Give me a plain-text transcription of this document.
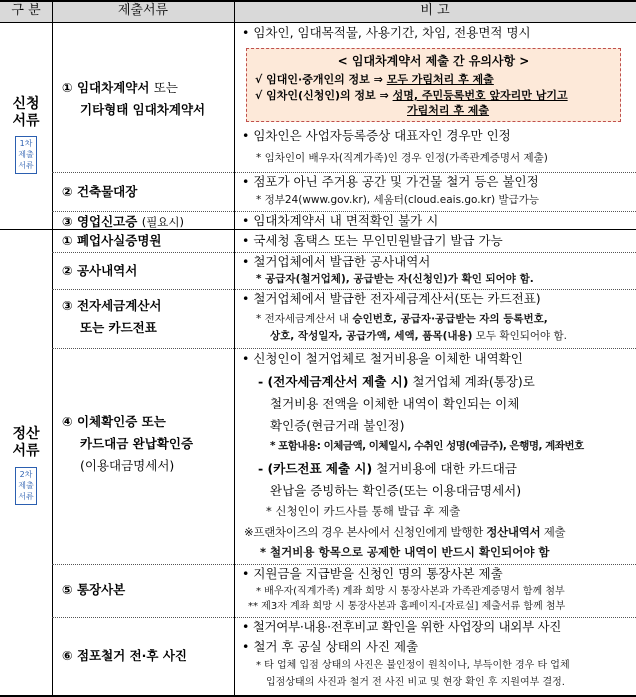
구 분	제출서류	비 고
신청
서류
1차
제출
서류
정산
서류
2차
제출
서류
① 임대차계약서 또는
기타형태 임대차계약서
② 건축물대장
③ 영업신고증 (필요시)
① 폐업사실증명원
② 공사내역서
③ 전자세금계산서
또는 카드전표
④ 이체확인증 또는
카드대금 완납확인증
(이용대금명세서)
⑤ 통장사본
⑥ 점포철거 전·후 사진
• 임차인, 임대목적물, 사용기간, 차임, 전용면적 명시
< 임대차계약서 제출 간 유의사항 >
√ 임대인·중개인의 정보 ⇒ 모두 가림처리 후 제출
√ 임차인(신청인)의 정보 ⇒ 성명, 주민등록번호 앞자리만 남기고
가림처리 후 제출
• 임차인은 사업자등록증상 대표자인 경우만 인정
* 임차인이 배우자(직계가족)인 경우 인정(가족관계증명서 제출)
• 점포가 아닌 주거용 공간 및 가건물 철거 등은 불인정
* 정부24(www.gov.kr), 세움터(cloud.eais.go.kr) 발급가능
• 임대차계약서 내 면적확인 불가 시
• 국세청 홈택스 또는 무인민원발급기 발급 가능
• 철거업체에서 발급한 공사내역서
* 공급자(철거업체), 공급받는 자(신청인)가 확인 되어야 함.
• 철거업체에서 발급한 전자세금계산서(또는 카드전표)
* 전자세금계산서 내 승인번호, 공급자·공급받는 자의 등록번호,
상호, 작성일자, 공급가액, 세액, 품목(내용) 모두 확인되어야 함.
• 신청인이 철거업체로 철거비용을 이체한 내역확인
- (전자세금계산서 제출 시) 철거업체 계좌(통장)로
철거비용 전액을 이체한 내역이 확인되는 이체
확인증(현금거래 불인정)
* 포함내용: 이체금액, 이체일시, 수취인 성명(예금주), 은행명, 계좌번호
- (카드전표 제출 시) 철거비용에 대한 카드대금
완납을 증빙하는 확인증(또는 이용대금명세서)
* 신청인이 카드사를 통해 발급 후 제출
※프랜차이즈의 경우 본사에서 신청인에게 발행한 정산내역서 제출
* 철거비용 항목으로 공제한 내역이 반드시 확인되어야 함
• 지원금을 지급받을 신청인 명의 통장사본 제출
* 배우자(직계가족) 계좌 희망 시 통장사본과 가족관계증명서 함께 첨부
** 제3자 계좌 희망 시 통장사본과 홈페이지-[자료실] 제출서류 함께 첨부
• 철거여부·내용·전후비교 확인을 위한 사업장의 내외부 사진
• 철거 후 공실 상태의 사진 제출
* 타 업체 입점 상태의 사진은 불인정이 원칙이나, 부득이한 경우 타 업체
입점상태의 사진과 철거 전 사진 비교 및 현장 확인 후 지원여부 결정.
